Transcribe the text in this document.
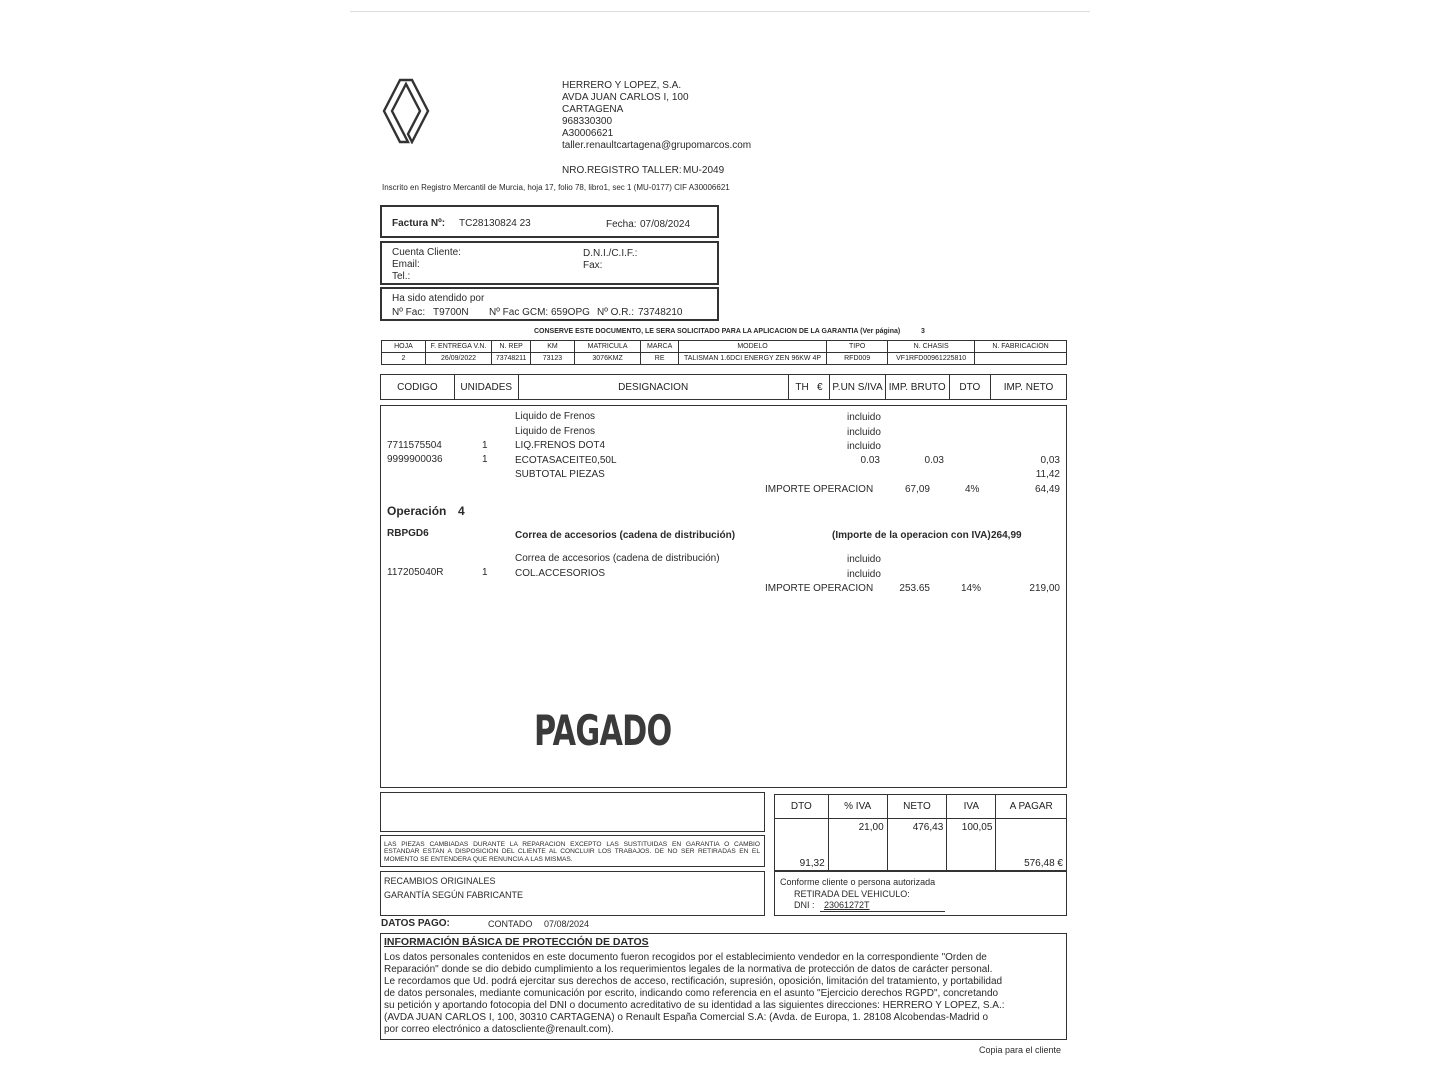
HERRERO Y LOPEZ, S.A.
AVDA JUAN CARLOS I, 100
CARTAGENA
968330300
A30006621
taller.renaultcartagena@grupomarcos.com
NRO.REGISTRO TALLER: MU-2049
Inscrito en Registro Mercantil de Murcia, hoja 17, folio 78, libro1, sec 1 (MU-0177) CIF A30006621
Factura Nº: TC28130824 23	Fecha: 07/08/2024
Cuenta Cliente:
Email:
Tel.:
D.N.I./C.I.F.:
Fax:
Ha sido atendido por
Nº Fac: T9700N Nº Fac GCM: 659OPG Nº O.R.: 73748210
CONSERVE ESTE DOCUMENTO, LE SERA SOLICITADO PARA LA APLICACION DE LA GARANTIA (Ver página)	3
HOJA	F. ENTREGA V.N.	N. REP	KM	MATRICULA	MARCA	MODELO	TIPO	N. CHASIS	N. FABRICACION
2	26/09/2022	73748211	73123	3076KMZ	RE	TALISMAN 1.6DCI ENERGY ZEN 96KW 4P	RFD009	VF1RFD00961225810	
CODIGO	UNIDADES	DESIGNACION	TH €	P.UN S/IVA	IMP. BRUTO	DTO	IMP. NETO
Liquido de Frenos	incluido
Liquido de Frenos	incluido
7711575504	1	LIQ.FRENOS DOT4	incluido
9999900036	1	ECOTASACEITE0,50L	0.03	0.03	0,03
SUBTOTAL PIEZAS	11,42
IMPORTE OPERACION	67,09	4%	64,49
Operación 4
RBPGD6	Correa de accesorios (cadena de distribución)	(Importe de la operacion con IVA) 264,99
Correa de accesorios (cadena de distribución)	incluido
117205040R	1	COL.ACCESORIOS	incluido
IMPORTE OPERACION	253.65	14%	219,00
PAGADO
LAS PIEZAS CAMBIADAS DURANTE LA REPARACION EXCEPTO LAS SUSTITUIDAS EN GARANTIA O CAMBIO ESTANDAR ESTAN A DISPOSICION DEL CLIENTE AL CONCLUIR LOS TRABAJOS. DE NO SER RETIRADAS EN EL MOMENTO SE ENTENDERA QUE RENUNCIA A LAS MISMAS.
RECAMBIOS ORIGINALES
GARANTÍA SEGÚN FABRICANTE
DTO	% IVA	NETO	IVA	A PAGAR
91,32	21,00	476,43	100,05	576,48 €
Conforme cliente o persona autorizada
RETIRADA DEL VEHICULO:
DNI : 23061272T
DATOS PAGO:	CONTADO 07/08/2024
INFORMACIÓN BÁSICA DE PROTECCIÓN DE DATOS
Los datos personales contenidos en este documento fueron recogidos por el establecimiento vendedor en la correspondiente "Orden de
Reparación" donde se dio debido cumplimiento a los requerimientos legales de la normativa de protección de datos de carácter personal.
Le recordamos que Ud. podrá ejercitar sus derechos de acceso, rectificación, supresión, oposición, limitación del tratamiento, y portabilidad
de datos personales, mediante comunicación por escrito, indicando como referencia en el asunto "Ejercicio derechos RGPD", concretando
su petición y aportando fotocopia del DNI o documento acreditativo de su identidad a las siguientes direcciones: HERRERO Y LOPEZ, S.A.:
(AVDA JUAN CARLOS I, 100, 30310 CARTAGENA) o Renault España Comercial S.A: (Avda. de Europa, 1. 28108 Alcobendas-Madrid o
por correo electrónico a datoscliente@renault.com).
Copia para el cliente
